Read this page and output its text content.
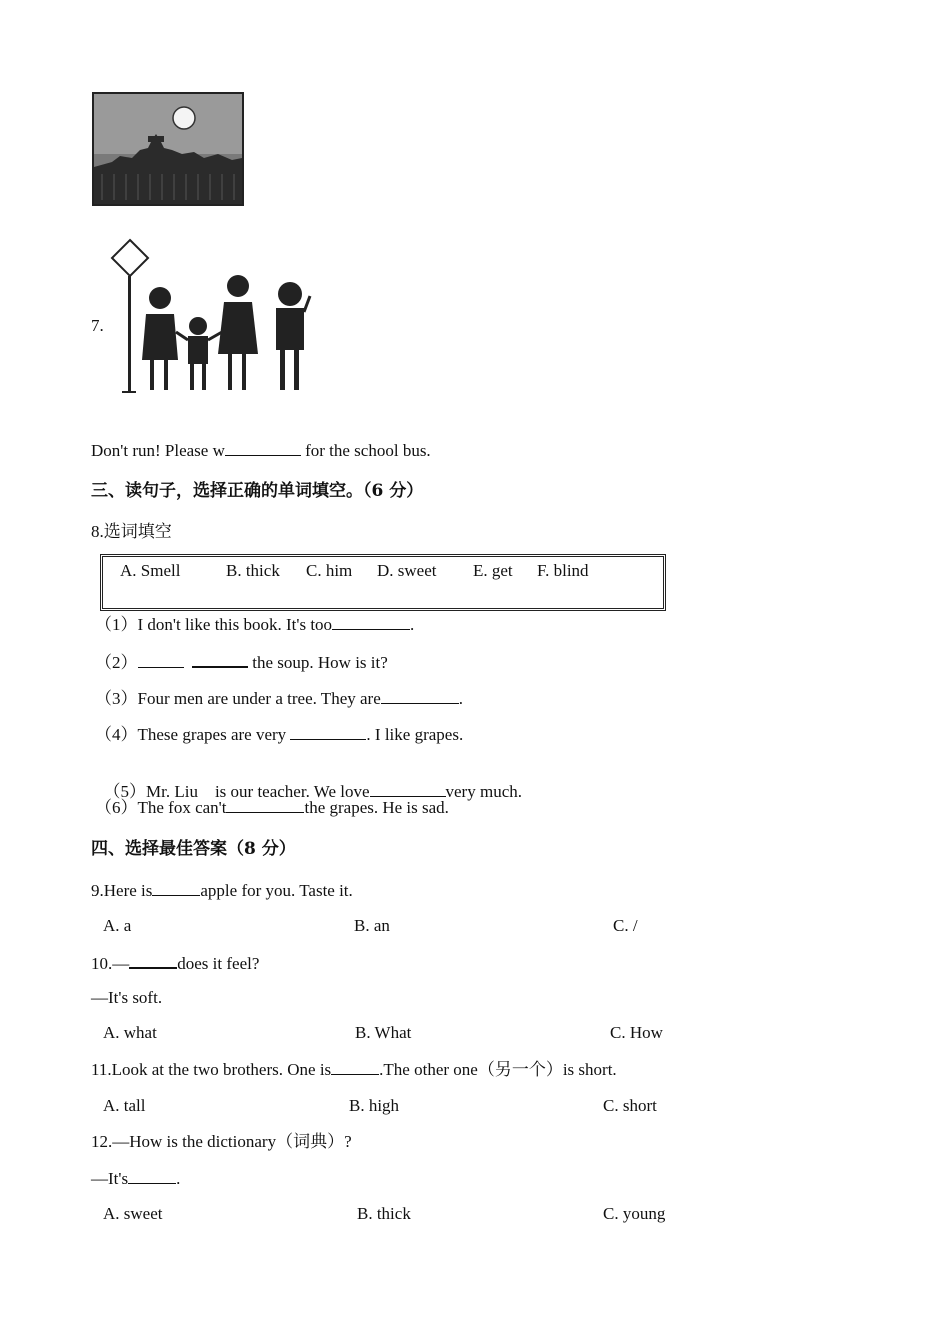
7.
Don't run! Please w	for the school bus.
三、读句子，选择正确的单词填空。（6 分）
8.选词填空
A. Smell	B. thick C. him D. sweet E. get F. blind
（1）I don't like this book. It's too	.
（2）	the soup. How is it?
（3）Four men are under a tree. They are	.
（4）These grapes are very	. I like grapes.

（5）Mr. Liu    is our teacher. We love	very much.

（6）The fox can't	the grapes. He is sad.
四、选择最佳答案（8 分）
9.Here is	apple for you. Taste it.
A. a	B. an	C. /
10.—	does it feel?
—It's soft.
A. what	B. What	C. How
11.Look at the two brothers. One is	.The other one（另一个）is short.
A. tall	B. high	C. short
12.—How is the dictionary（词典）?
—It's	.
A. sweet	B. thick	C. young
